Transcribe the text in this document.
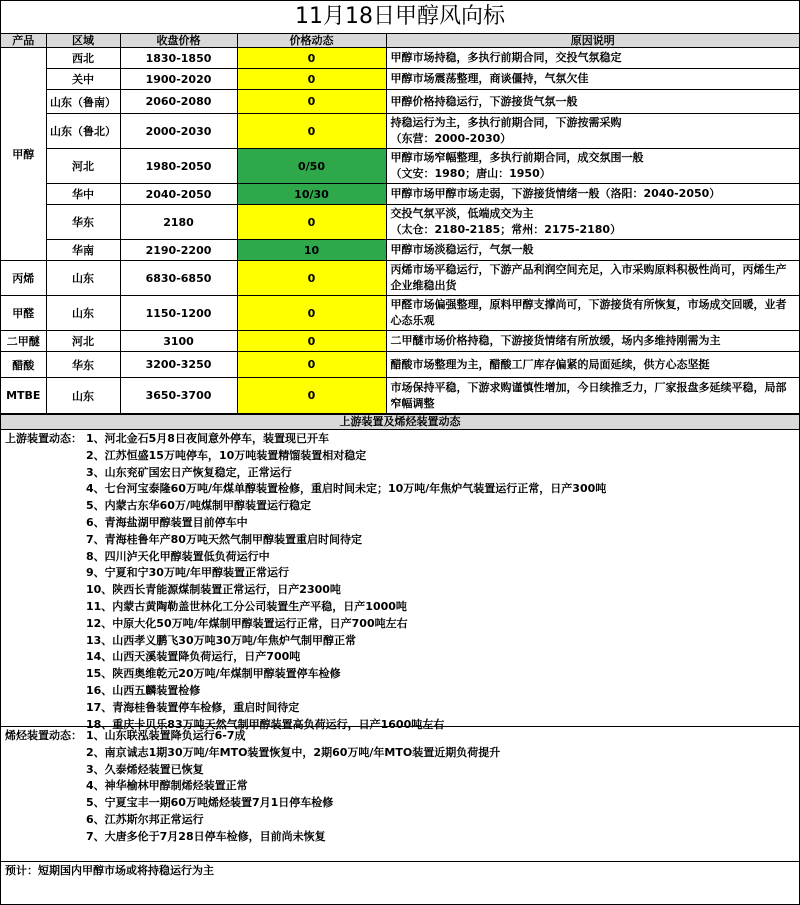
11月18日甲醇风向标
产品	区域	收盘价格	价格动态	原因说明
甲醇	西北	1830-1850	0	甲醇市场持稳，多执行前期合同，交投气氛稳定

	关中	1900-2020	0	甲醇市场震荡整理，商谈僵持，气氛欠佳

	山东（鲁南）	2060-2080	0	甲醇价格持稳运行，下游接货气氛一般

	山东（鲁北）	2000-2030	0	持稳运行为主，多执行前期合同，下游按需采购
（东营：2000-2030）

	河北	1980-2050	0/50	甲醇市场窄幅整理，多执行前期合同，成交氛围一般
（文安：1980；唐山：1950）

	华中	2040-2050	10/30	甲醇市场甲醇市场走弱，下游接货情绪一般（洛阳：2040-2050）

	华东	2180	0	交投气氛平淡，低端成交为主
（太仓：2180-2185；常州：2175-2180）

	华南	2190-2200	10	甲醇市场淡稳运行，气氛一般

丙烯	山东	6830-6850	0	丙烯市场平稳运行，下游产品利润空间充足，入市采购原料积极性尚可，丙烯生产企业维稳出货

甲醛	山东	1150-1200	0	甲醛市场偏强整理，原料甲醇支撑尚可，下游接货有所恢复，市场成交回暖，业者心态乐观

二甲醚	河北	3100	0	二甲醚市场价格持稳，下游接货情绪有所放缓，场内多维持刚需为主

醋酸	华东	3200-3250	0	醋酸市场整理为主，醋酸工厂库存偏紧的局面延续，供方心态坚挺

MTBE	山东	3650-3700	0	市场保持平稳，下游求购谨慎性增加，今日续推乏力，厂家报盘多延续平稳，局部窄幅调整
上游装置及烯烃装置动态
上游装置动态： 1、河北金石5月8日夜间意外停车，装置现已开车
2、江苏恒盛15万吨停车，10万吨装置精馏装置相对稳定
3、山东兖矿国宏日产恢复稳定，正常运行
4、七台河宝泰隆60万吨/年煤单醇装置检修，重启时间未定；10万吨/年焦炉气装置运行正常，日产300吨
5、内蒙古东华60万/吨煤制甲醇装置运行稳定
6、青海盐湖甲醇装置目前停车中
7、青海桂鲁年产80万吨天然气制甲醇装置重启时间待定
8、四川泸天化甲醇装置低负荷运行中
9、宁夏和宁30万吨/年甲醇装置正常运行
10、陕西长青能源煤制装置正常运行，日产2300吨
11、内蒙古黄陶勒盖世林化工分公司装置生产平稳，日产1000吨
12、中原大化50万吨/年煤制甲醇装置运行正常，日产700吨左右
13、山西孝义鹏飞30万吨30万吨/年焦炉气制甲醇正常
14、山西天溪装置降负荷运行，日产700吨
15、陕西奥维乾元20万吨/年煤制甲醇装置停车检修
16、山西五麟装置检修
17、青海桂鲁装置停车检修，重启时间待定
18、重庆卡贝乐83万吨天然气制甲醇装置高负荷运行，日产1600吨左右
烯烃装置动态： 1、山东联泓装置降负运行6-7成
2、南京诚志1期30万吨/年MTO装置恢复中，2期60万吨/年MTO装置近期负荷提升
3、久泰烯烃装置已恢复
4、神华榆林甲醇制烯烃装置正常
5、宁夏宝丰一期60万吨烯烃装置7月1日停车检修
6、江苏斯尔邦正常运行
7、大唐多伦于7月28日停车检修，目前尚未恢复
预计：短期国内甲醇市场或将持稳运行为主
